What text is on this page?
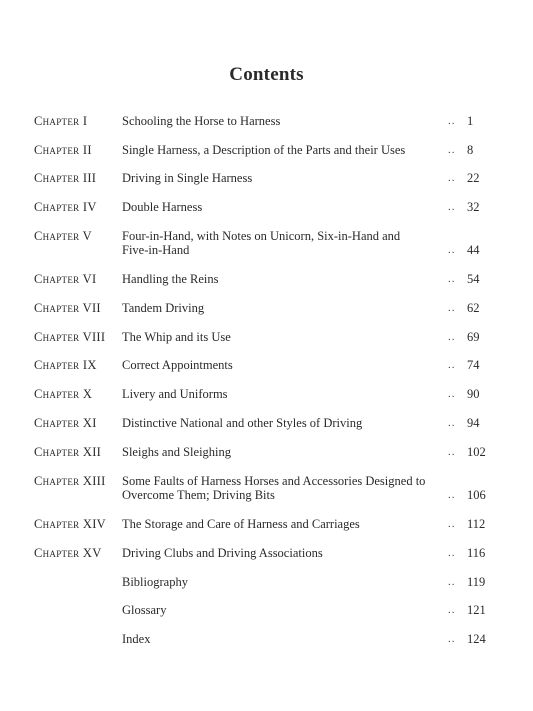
Contents
Chapter I	Schooling the Horse to Harness	.. 1
Chapter II Single Harness, a Description of the Parts and their Uses	.. 8
Chapter III Driving in Single Harness	.. 22
Chapter IV Double Harness	.. 32
Chapter V Four-in-Hand, with Notes on Unicorn, Six-in-Hand and
Five-in-Hand	.. 44
Chapter VI Handling the Reins	.. 54
Chapter VII Tandem Driving	.. 62
Chapter VIII The Whip and its Use	.. 69
Chapter IX Correct Appointments	.. 74
Chapter X Livery and Uniforms	.. 90
Chapter XI Distinctive National and other Styles of Driving	.. 94
Chapter XII Sleighs and Sleighing	.. 102
Chapter XIII Some Faults of Harness Horses and Accessories Designed to
Overcome Them; Driving Bits	.. 106
Chapter XIV The Storage and Care of Harness and Carriages	.. 112
Chapter XV Driving Clubs and Driving Associations	.. 116
Bibliography	.. 119
Glossary	.. 121
Index	.. 124
